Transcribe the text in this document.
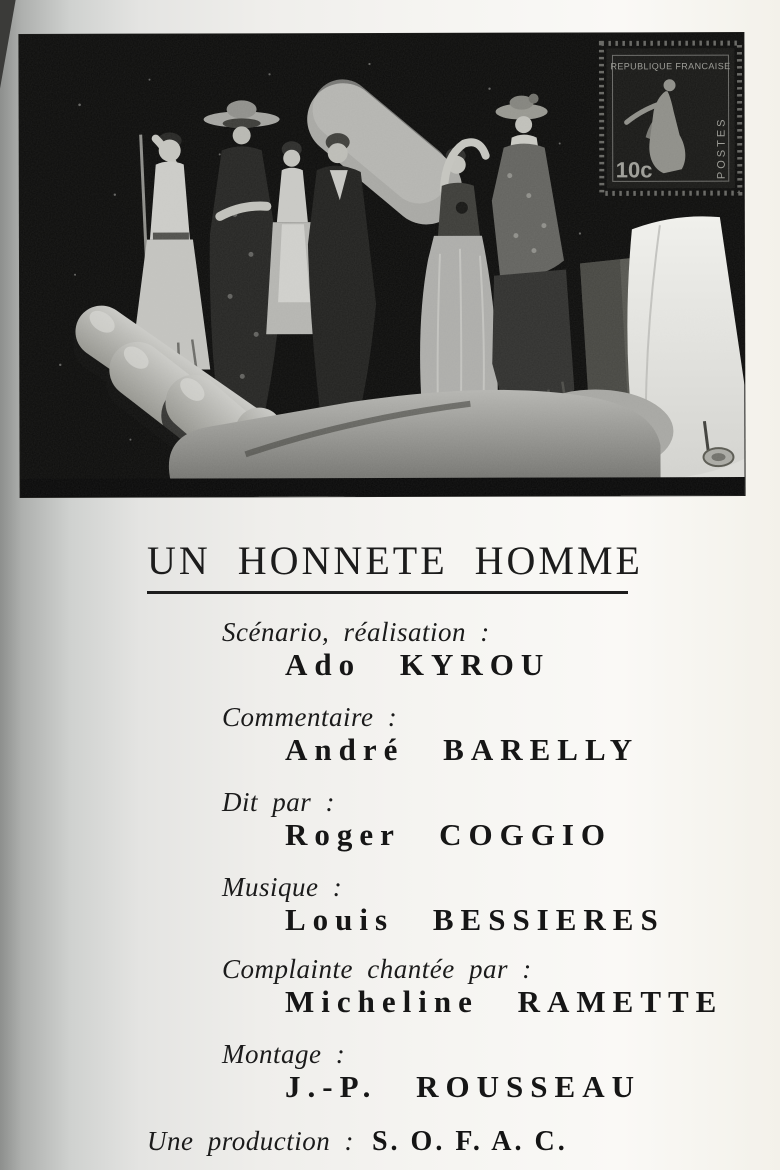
UN HONNETE HOMME
Scénario, réalisation :
Ado KYROU
Commentaire :
André BARELLY
Dit par :
Roger COGGIO
Musique :
Louis BESSIERES
Complainte chantée par :
Micheline RAMETTE
Montage :
J.-P. ROUSSEAU
Une production : S. O. F. A. C.
